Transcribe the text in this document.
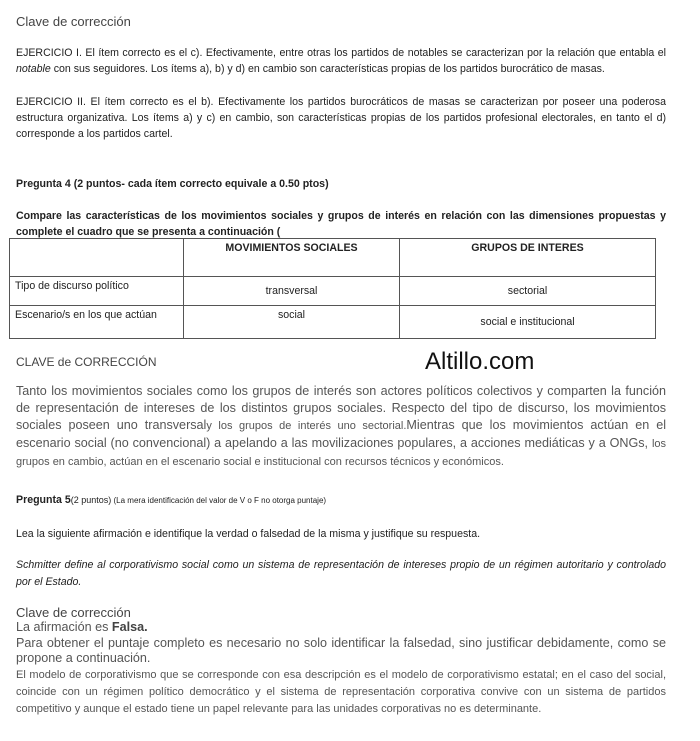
Clave de corrección
EJERCICIO I. El ítem correcto es el c). Efectivamente, entre otras los partidos de notables se caracterizan por la relación que entabla el notable con sus seguidores. Los ítems a), b) y d) en cambio son características propias de los partidos burocrático de masas.
EJERCICIO II. El ítem correcto es el b). Efectivamente los partidos burocráticos de masas se caracterizan por poseer una poderosa estructura organizativa. Los ítems a) y c) en cambio, son características propias de los partidos profesional electorales, en tanto el d) corresponde a los partidos cartel.
Pregunta 4 (2 puntos- cada ítem correcto equivale a 0.50 ptos)
Compare las características de los movimientos sociales y grupos de interés en relación con las dimensiones propuestas y complete el cuadro que se presenta a continuación (
	MOVIMIENTOS SOCIALES	GRUPOS DE INTERES
Tipo de discurso político	transversal	sectorial
Escenario/s en los que actúan	social	social e institucional
CLAVE de CORRECCIÓN	Altillo.com
Tanto los movimientos sociales como los grupos de interés son actores políticos colectivos y comparten la función de representación de intereses de los distintos grupos sociales. Respecto del tipo de discurso, los movimientos sociales poseen uno transversaly los grupos de interés uno sectorial.Mientras que los movimientos actúan en el escenario social (no convencional) a apelando a las movilizaciones populares, a acciones mediáticas y a ONGs, los grupos en cambio, actúan en el escenario social e institucional con recursos técnicos y económicos.
Pregunta 5(2 puntos) (La mera identificación del valor de V o F no otorga puntaje)
Lea la siguiente afirmación e identifique la verdad o falsedad de la misma y justifique su respuesta.
Schmitter define al corporativismo social como un sistema de representación de intereses propio de un régimen autoritario y controlado por el Estado.
Clave de corrección
La afirmación es Falsa.
Para obtener el puntaje completo es necesario no solo identificar la falsedad, sino justificar debidamente, como se propone a continuación.
El modelo de corporativismo que se corresponde con esa descripción es el modelo de corporativismo estatal; en el caso del social, coincide con un régimen político democrático y el sistema de representación corporativa convive con un sistema de partidos competitivo y aunque el estado tiene un papel relevante para las unidades corporativas no es determinante.
